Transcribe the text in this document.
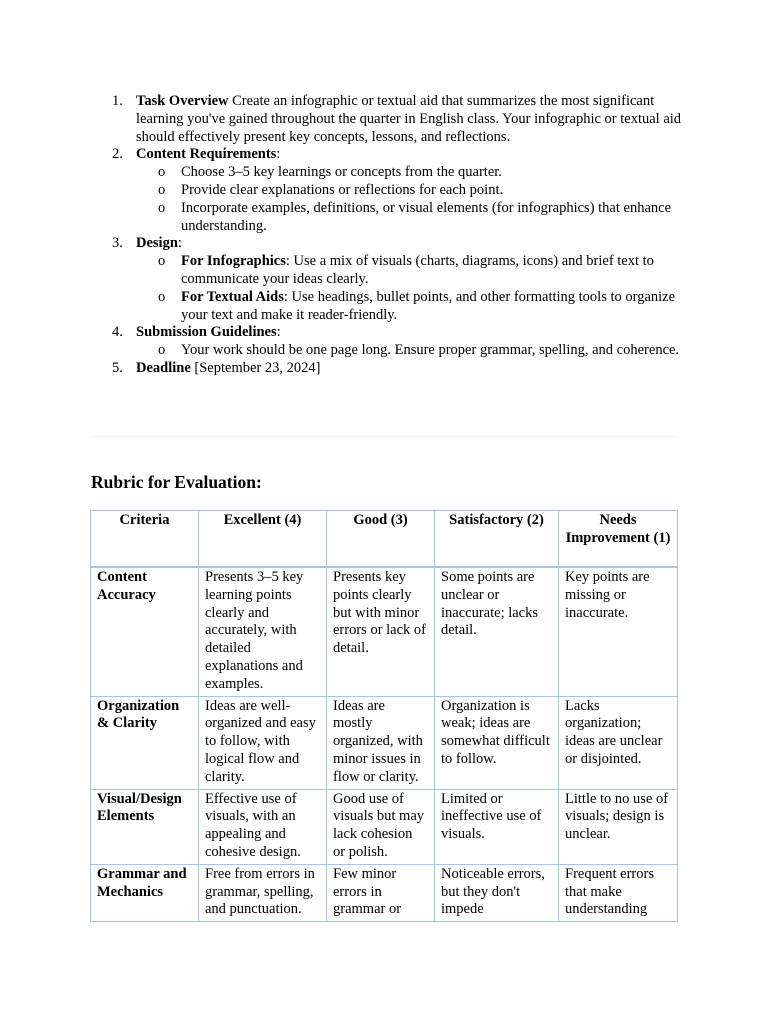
1. Task Overview Create an infographic or textual aid that summarizes the most significant learning you've gained throughout the quarter in English class. Your infographic or textual aid should effectively present key concepts, lessons, and reflections.
2. Content Requirements:
o Choose 3–5 key learnings or concepts from the quarter.
o Provide clear explanations or reflections for each point.
o Incorporate examples, definitions, or visual elements (for infographics) that enhance understanding.
3. Design:
o For Infographics: Use a mix of visuals (charts, diagrams, icons) and brief text to communicate your ideas clearly.
o For Textual Aids: Use headings, bullet points, and other formatting tools to organize your text and make it reader-friendly.
4. Submission Guidelines:
o Your work should be one page long. Ensure proper grammar, spelling, and coherence.
5. Deadline [September 23, 2024]
Rubric for Evaluation:
Criteria	Excellent (4)	Good (3)	Satisfactory (2)	Needs Improvement (1)
Content Accuracy	Presents 3–5 key learning points clearly and accurately, with detailed explanations and examples.	Presents key points clearly but with minor errors or lack of detail.	Some points are unclear or inaccurate; lacks detail.	Key points are missing or inaccurate.
Organization & Clarity	Ideas are well-organized and easy to follow, with logical flow and clarity.	Ideas are mostly organized, with minor issues in flow or clarity.	Organization is weak; ideas are somewhat difficult to follow.	Lacks organization; ideas are unclear or disjointed.
Visual/Design Elements	Effective use of visuals, with an appealing and cohesive design.	Good use of visuals but may lack cohesion or polish.	Limited or ineffective use of visuals.	Little to no use of visuals; design is unclear.
Grammar and Mechanics	Free from errors in grammar, spelling, and punctuation.	Few minor errors in grammar or	Noticeable errors, but they don't impede	Frequent errors that make understanding
